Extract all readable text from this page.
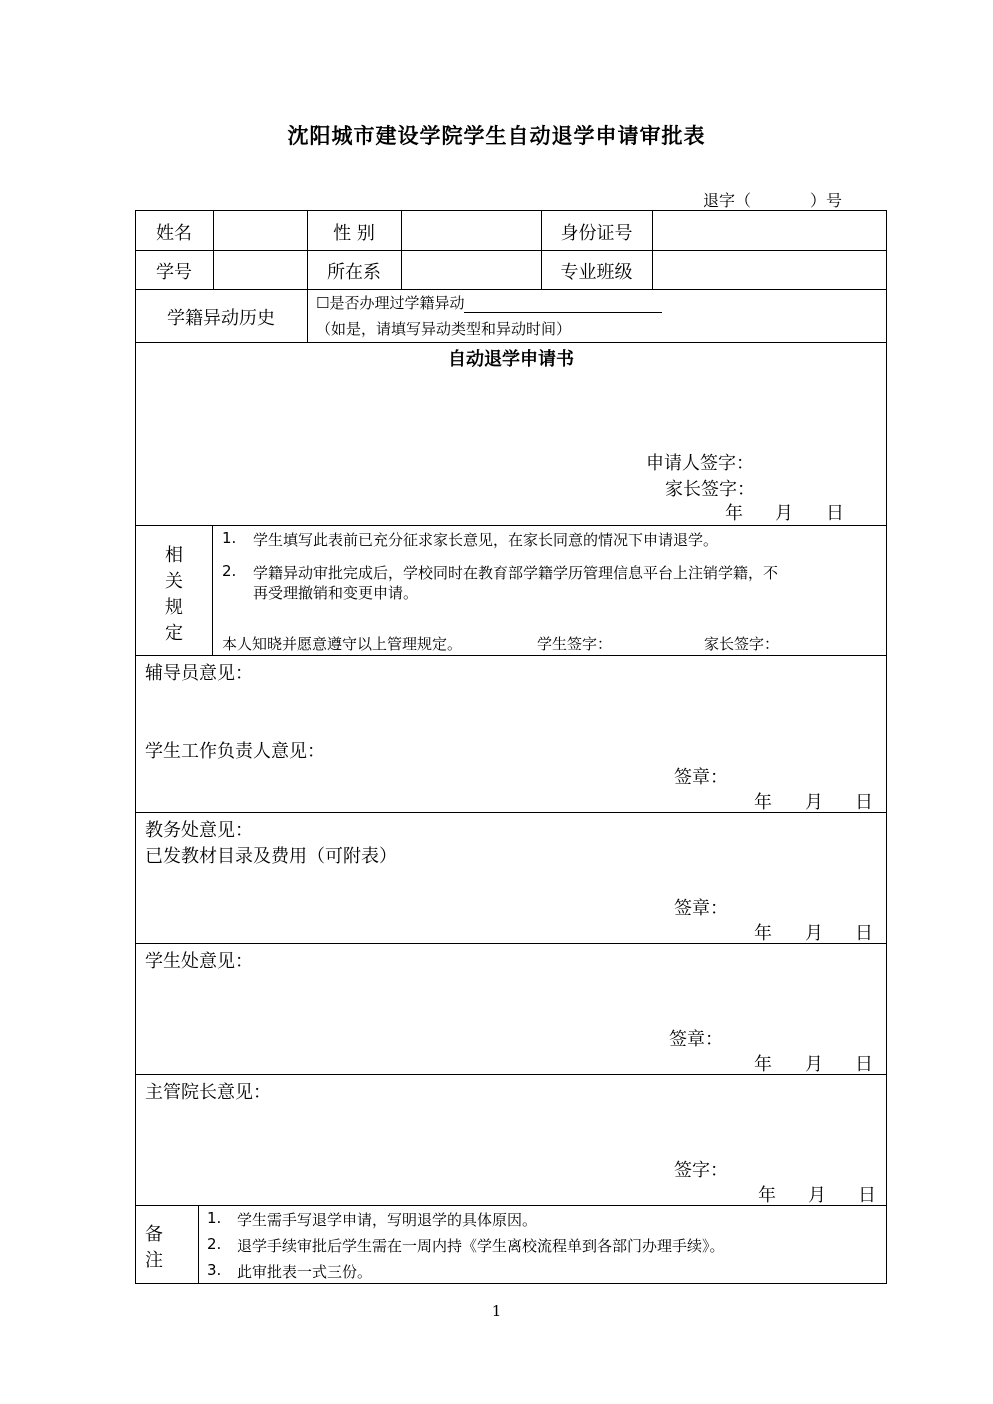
沈阳城市建设学院学生自动退学申请审批表
退字（	）号
姓名	性 别	身份证号
学号	所在系	专业班级
学籍异动历史
☐是否办理过学籍异动
（如是，请填写异动类型和异动时间）
自动退学申请书
申请人签字：
家长签字：
年 月 日
相
关
规
定
1. 学生填写此表前已充分征求家长意见，在家长同意的情况下申请退学。
2. 学籍异动审批完成后，学校同时在教育部学籍学历管理信息平台上注销学籍，不
再受理撤销和变更申请。
本人知晓并愿意遵守以上管理规定。	学生签字：	家长签字：
辅导员意见：
学生工作负责人意见：
签章：
年 月 日
教务处意见：
已发教材目录及费用（可附表）
签章：
年 月 日
学生处意见：
签章：
年 月 日
主管院长意见：
签字：
年 月 日
备
注
1. 学生需手写退学申请，写明退学的具体原因。
2. 退学手续审批后学生需在一周内持《学生离校流程单到各部门办理手续》。
3. 此审批表一式三份。
1
